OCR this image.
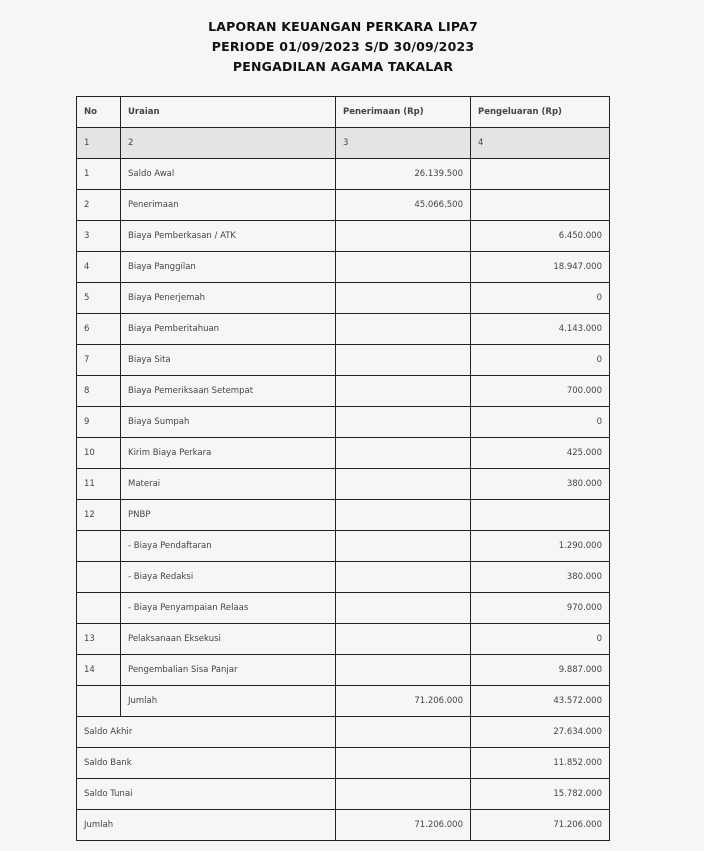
LAPORAN KEUANGAN PERKARA LIPA7
PERIODE 01/09/2023 S/D 30/09/2023
PENGADILAN AGAMA TAKALAR
No	Uraian	Penerimaan (Rp)	Pengeluaran (Rp)
1	2	3	4
1	Saldo Awal	26.139.500	
2	Penerimaan	45.066.500	
3	Biaya Pemberkasan / ATK		6.450.000
4	Biaya Panggilan		18.947.000
5	Biaya Penerjemah		0
6	Biaya Pemberitahuan		4.143.000
7	Biaya Sita		0
8	Biaya Pemeriksaan Setempat		700.000
9	Biaya Sumpah		0
10	Kirim Biaya Perkara		425.000
11	Materai		380.000
12	PNBP		
	- Biaya Pendaftaran		1.290.000
	- Biaya Redaksi		380.000
	- Biaya Penyampaian Relaas		970.000
13	Pelaksanaan Eksekusi		0
14	Pengembalian Sisa Panjar		9.887.000
	Jumlah	71.206.000	43.572.000
Saldo Akhir			27.634.000
Saldo Bank			11.852.000
Saldo Tunai			15.782.000
Jumlah		71.206.000	71.206.000
